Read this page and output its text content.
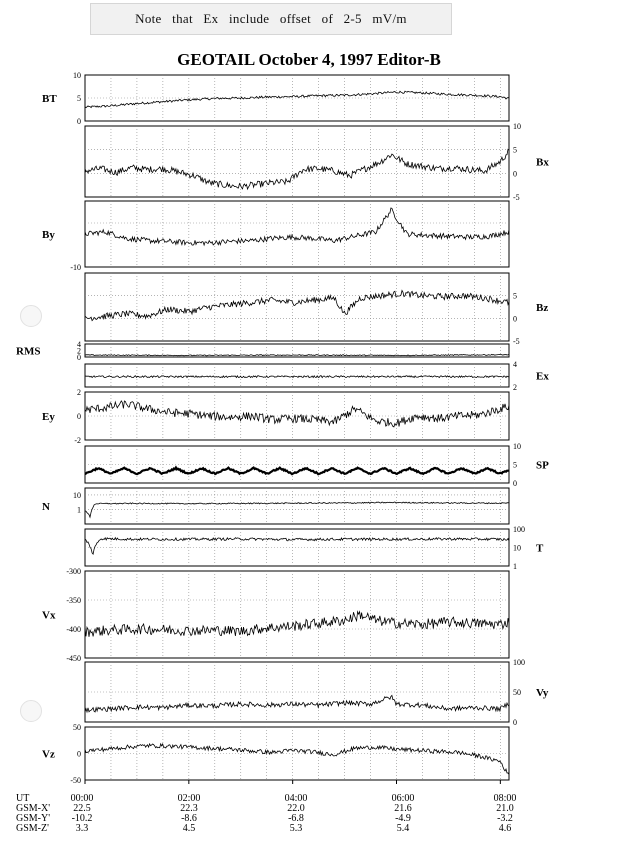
Note that Ex include offset of 2-5 mV/m
GEOTAIL October 4, 1997 Editor-B
10
5
0
BT
10
5
0
-5
Bx
-10
By
5
0
-5
Bz
4
2
0
RMS
4
2
Ex
2
0
-2
Ey
10
5
0
SP
10
1
N
100
10
1
T
-300
-350
-400
-450
Vx
100
50
0
Vy
50
0
-50
Vz
UT
GSM-X'
GSM-Y'
GSM-Z'
00:00
22.5
-10.2
3.3
02:00
22.3
-8.6
4.5
04:00
22.0
-6.8
5.3
06:00
21.6
-4.9
5.4
08:00
21.0
-3.2
4.6
